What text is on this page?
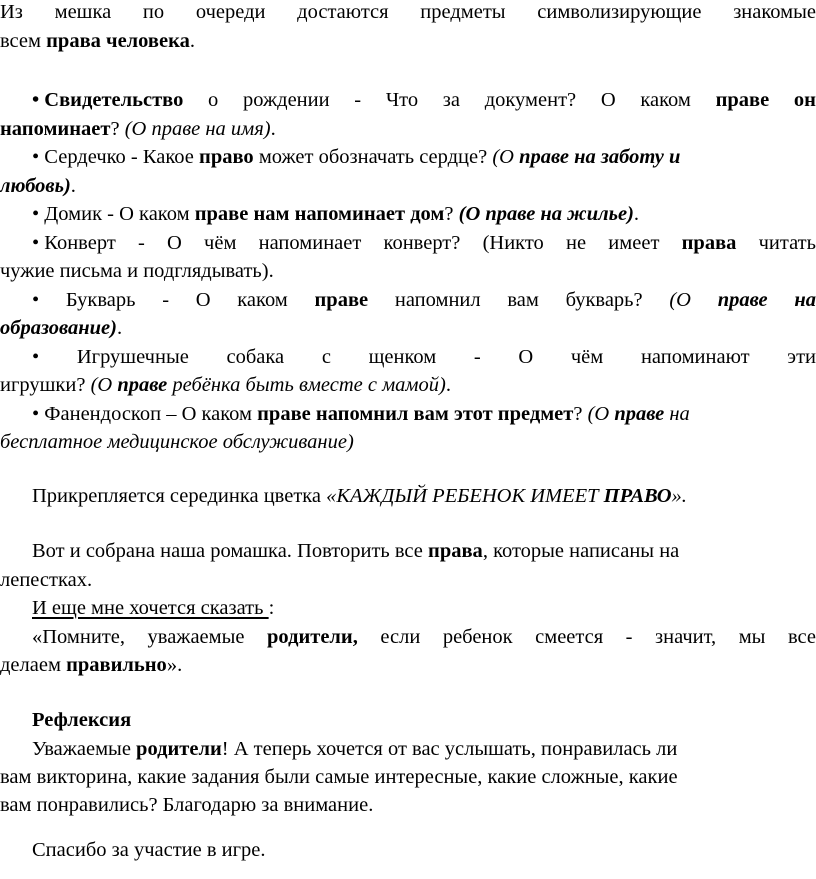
Из мешка по очереди достаются предметы символизирующие знакомые
всем права человека.
• Свидетельство о рождении - Что за документ? О каком праве он
напоминает? (О праве на имя).
• Сердечко - Какое право может обозначать сердце? (О праве на заботу и
любовь).
• Домик - О каком праве нам напоминает дом? (О праве на жилье).
• Конверт - О чём напоминает конверт? (Никто не имеет права читать
чужие письма и подглядывать).
• Букварь - О каком праве напомнил вам букварь? (О праве на
образование).
• Игрушечные собака с щенком - О чём напоминают эти
игрушки? (О праве ребёнка быть вместе с мамой).
• Фанендоскоп – О каком праве напомнил вам этот предмет? (О праве на
бесплатное медицинское обслуживание)
Прикрепляется серединка цветка «КАЖДЫЙ РЕБЕНОК ИМЕЕТ ПРАВО».
Вот и собрана наша ромашка. Повторить все права, которые написаны на
лепестках.
И еще мне хочется сказать :
«Помните, уважаемые родители, если ребенок смеется - значит, мы все
делаем правильно».
Рефлексия
Уважаемые родители! А теперь хочется от вас услышать, понравилась ли
вам викторина, какие задания были самые интересные, какие сложные, какие
вам понравились? Благодарю за внимание.
Спасибо за участие в игре.
